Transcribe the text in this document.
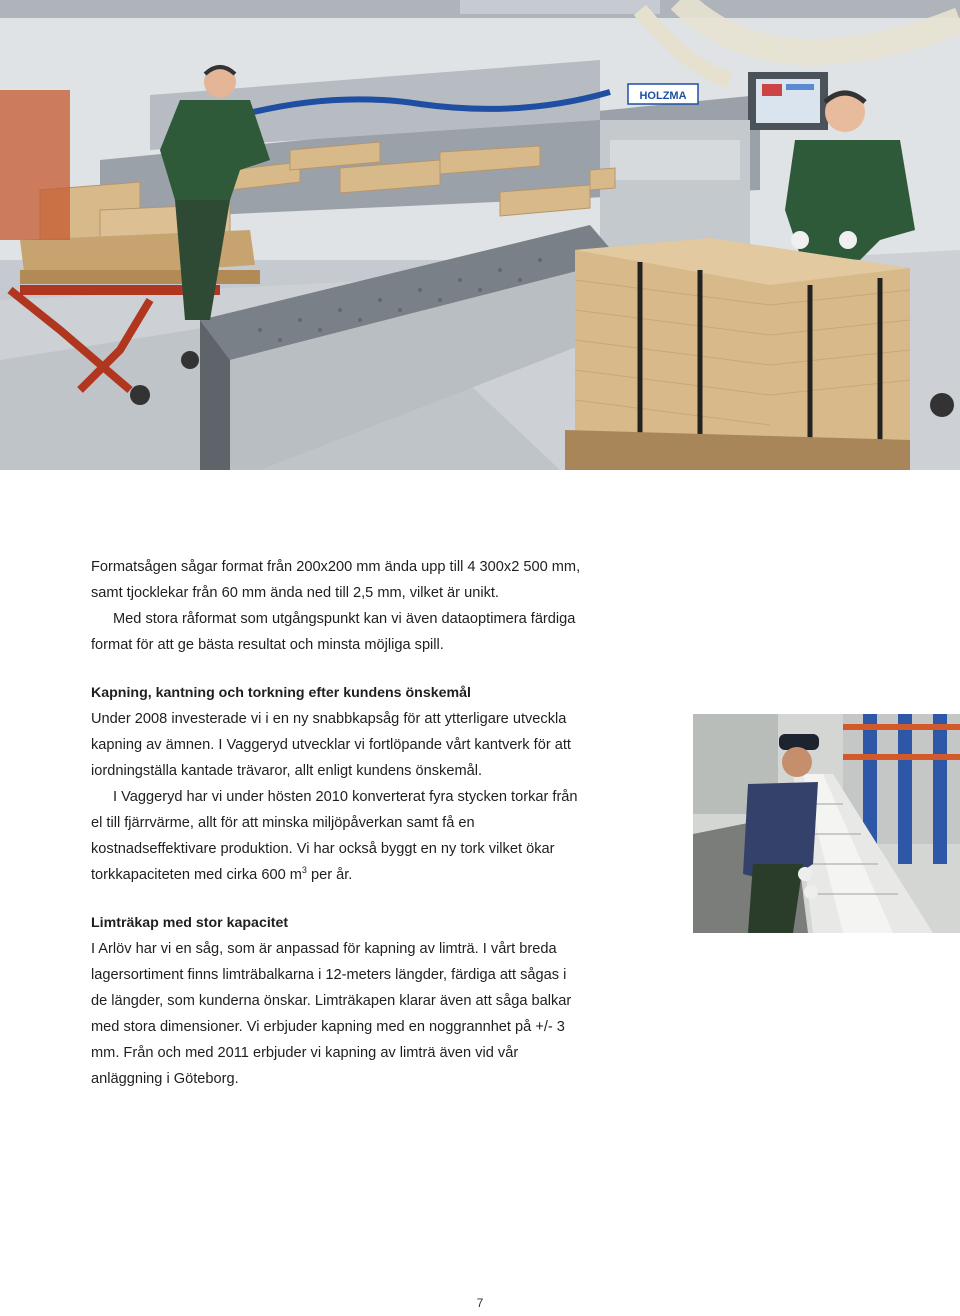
HOLZMA

Formatsågen sågar format från 200x200 mm ända upp till 4 300x2 500 mm, samt tjocklekar från 60 mm ända ned till 2,5 mm, vilket är unikt.

Med stora råformat som utgångspunkt kan vi även dataoptimera färdiga format för att ge bästa resultat och minsta möjliga spill.

Kapning, kantning och torkning efter kundens önskemål

Under 2008 investerade vi i en ny snabbkapsåg för att ytterligare utveckla kapning av ämnen. I Vaggeryd utvecklar vi fortlöpande vårt kantverk för att iordningställa kantade trävaror, allt enligt kundens önskemål.

I Vaggeryd har vi under hösten 2010 konverterat fyra stycken torkar från el till fjärrvärme, allt för att minska miljöpåverkan samt få en kostnadseffektivare produktion. Vi har också byggt en ny tork vilket ökar torkkapaciteten med cirka 600 $m^3$ per år.

Limträkap med stor kapacitet

I Arlöv har vi en såg, som är anpassad för kapning av limträ. I vårt breda lagersortiment finns limträbalkarna i 12-meters längder, färdiga att sågas i de längder, som kunderna önskar. Limträkapen klarar även att såga balkar med stora dimensioner. Vi erbjuder kapning med en noggrannhet på +/- 3 mm. Från och med 2011 erbjuder vi kapning av limträ även vid vår anläggning i Göteborg.

7
